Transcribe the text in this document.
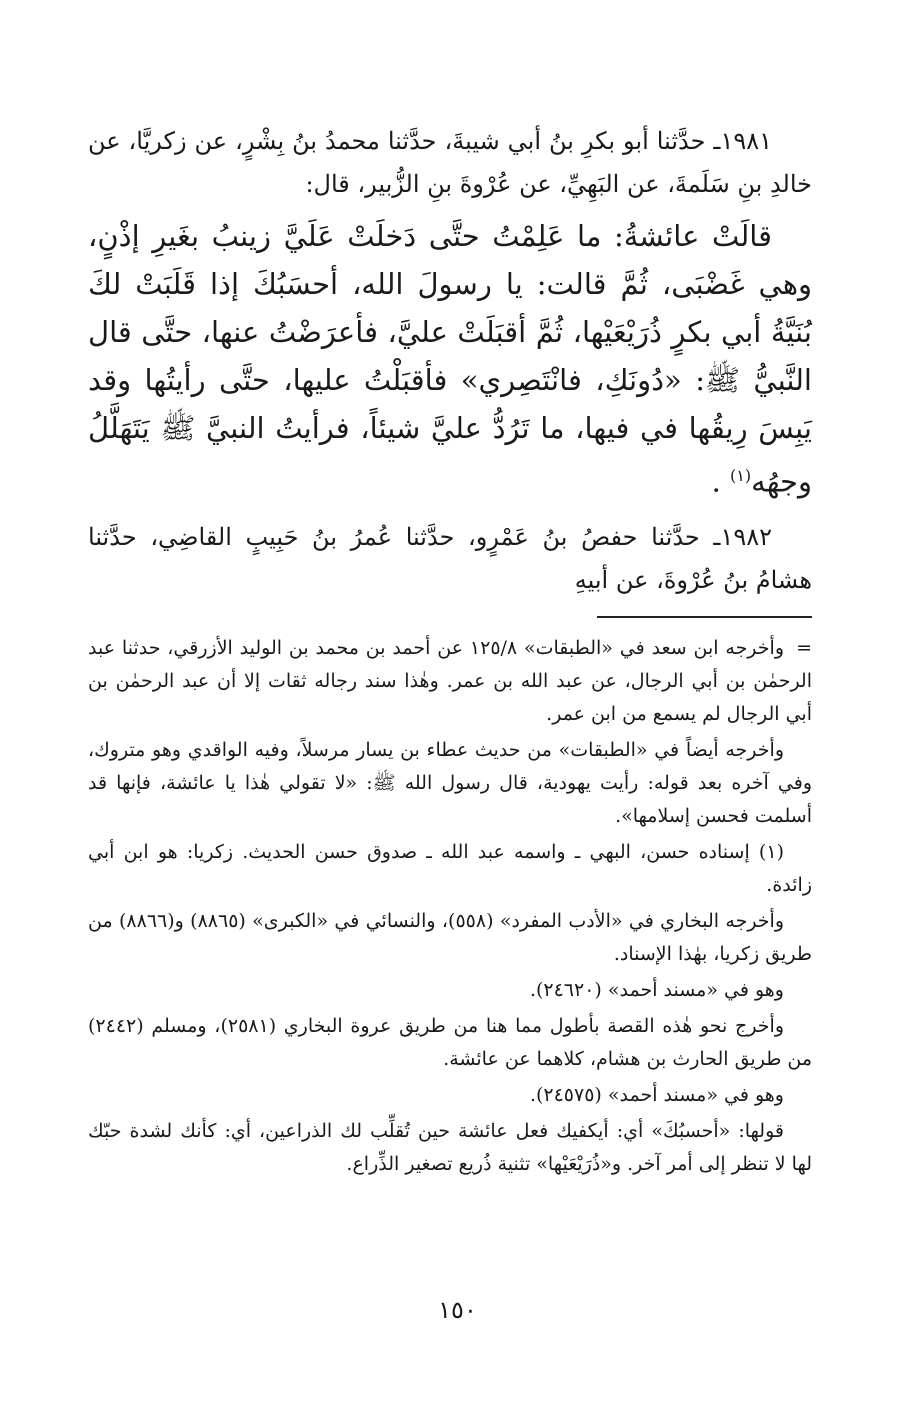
١٩٨١ـ حدَّثنا أبو بكرِ بنُ أبي شيبةَ، حدَّثنا محمدُ بنُ بِشْرٍ، عن زكريَّا، عن خالدِ بنِ سَلَمةَ، عن البَهِيِّ، عن عُرْوةَ بنِ الزُّبير، قال:

قالَتْ عائشةُ: ما عَلِمْتُ حتَّى دَخلَتْ عَلَيَّ زينبُ بغَيرِ إذْنٍ، وهي غَضْبَى، ثُمَّ قالت: يا رسولَ الله، أحسَبُكَ إذا قَلَبَتْ لكَ بُنَيَّةُ أبي بكرٍ ذُرَيْعَيْها، ثُمَّ أقبَلَتْ عليَّ، فأعرَضْتُ عنها، حتَّى قال النَّبيُّ ﷺ: «دُونَكِ، فانْتَصِري» فأقبَلْتُ عليها، حتَّى رأيتُها وقد يَبِسَ رِيقُها في فيها، ما تَرُدُّ عليَّ شيئاً، فرأيتُ النبيَّ ﷺ يَتَهَلَّلُ وجهُه$^{(١)}$ .

١٩٨٢ـ حدَّثنا حفصُ بنُ عَمْرٍو، حدَّثنا عُمرُ بنُ حَبِيبٍ القاضِي، حدَّثنا هشامُ بنُ عُرْوةَ، عن أبيهِ

=وأخرجه ابن سعد في «الطبقات» ١٢٥/٨ عن أحمد بن محمد بن الوليد الأزرقي، حدثنا عبد الرحمٰن بن أبي الرجال، عن عبد الله بن عمر. وهٰذا سند رجاله ثقات إلا أن عبد الرحمٰن بن أبي الرجال لم يسمع من ابن عمر.

وأخرجه أيضاً في «الطبقات» من حديث عطاء بن يسار مرسلاً، وفيه الواقدي وهو متروك، وفي آخره بعد قوله: رأيت يهودية، قال رسول الله ﷺ: «لا تقولي هٰذا يا عائشة، فإنها قد أسلمت فحسن إسلامها».

(١) إسناده حسن، البهي ـ واسمه عبد الله ـ صدوق حسن الحديث. زكريا: هو ابن أبي زائدة.

وأخرجه البخاري في «الأدب المفرد» (٥٥٨)، والنسائي في «الكبرى» (٨٨٦٥) و(٨٨٦٦) من طريق زكريا، بهٰذا الإسناد.

وهو في «مسند أحمد» (٢٤٦٢٠).

وأخرج نحو هٰذه القصة بأطول مما هنا من طريق عروة البخاري (٢٥٨١)، ومسلم (٢٤٤٢) من طريق الحارث بن هشام، كلاهما عن عائشة.

وهو في «مسند أحمد» (٢٤٥٧٥).

قولها: «أحسبُكَ» أي: أيكفيك فعل عائشة حين تُقلِّب لك الذراعين، أي: كأنك لشدة حبّك لها لا تنظر إلى أمر آخر. و«ذُرَيْعَيْها» تثنية ذُريع تصغير الذِّراع.

١٥٠
